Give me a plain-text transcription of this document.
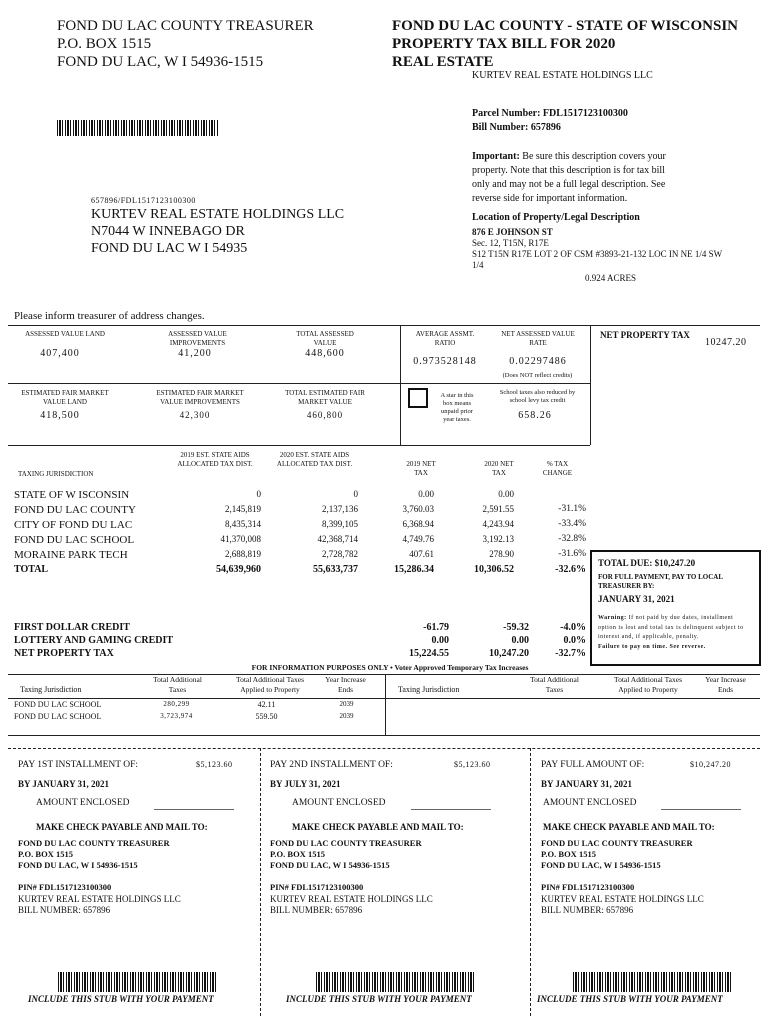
FOND DU LAC COUNTY TREASURER
P.O. BOX 1515
FOND DU LAC, W I 54936-1515
FOND DU LAC COUNTY - STATE OF WISCONSIN
PROPERTY TAX BILL FOR 2020
REAL ESTATE
KURTEV REAL ESTATE HOLDINGS LLC
Parcel Number: FDL1517123100300
Bill Number: 657896
Important: Be sure this description covers your
property. Note that this description is for tax bill
only and may not be a full legal description. See
reverse side for important information.
657896/FDL1517123100300
KURTEV REAL ESTATE HOLDINGS LLC
N7044 W INNEBAGO DR
FOND DU LAC W I 54935
Location of Property/Legal Description
876 E JOHNSON ST
Sec. 12, T15N, R17E
S12 T15N R17E LOT 2 OF CSM #3893-21-132 LOC IN NE 1/4 SW
1/4
0.924 ACRES
Please inform treasurer of address changes.
ASSESSED VALUE LAND
407,400
ASSESSED VALUE IMPROVEMENTS
41,200
TOTAL ASSESSED VALUE
448,600
AVERAGE ASSMT. RATIO
0.973528148
NET ASSESSED VALUE RATE
0.02297486
(Does NOT reflect credits)
NET PROPERTY TAX
10247.20
ESTIMATED FAIR MARKET VALUE LAND
418,500
ESTIMATED FAIR MARKET VALUE IMPROVEMENTS
42,300
TOTAL ESTIMATED FAIR MARKET VALUE
460,800
A star in this
box means
unpaid prior
year taxes.
School taxes also reduced by school levy tax credit
658.26
TAXING JURISDICTION
2019 EST. STATE AIDS ALLOCATED TAX DIST.
2020 EST. STATE AIDS ALLOCATED TAX DIST.	2019 NET TAX
2020 NET TAX
% TAX CHANGE
STATE OF W ISCONSIN	0	0	0.00	0.00
FOND DU LAC COUNTY	2,145,819	2,137,136	3,760.03	2,591.55	-31.1%
CITY OF FOND DU LAC	8,435,314	8,399,105	6,368.94	4,243.94	-33.4%
FOND DU LAC SCHOOL	41,370,008	42,368,714	4,749.76	3,192.13	-32.8%
MORAINE PARK TECH	2,688,819	2,728,782	407.61	278.90	-31.6%
TOTAL	54,639,960	55,633,737	15,286.34	10,306.52	-32.6%
FIRST DOLLAR CREDIT	-61.79	-59.32	-4.0%
LOTTERY AND GAMING CREDIT	0.00	0.00	0.0%
NET PROPERTY TAX	15,224.55	10,247.20	-32.7%
TOTAL DUE: $10,247.20
FOR FULL PAYMENT, PAY TO LOCAL TREASURER BY:
JANUARY 31, 2021
Warning: If not paid by due dates, installment option is lost and total tax is delinquent subject to interest and, if applicable, penalty.
Failure to pay on time. See reverse.
FOR INFORMATION PURPOSES ONLY • Voter Approved Temporary Tax Increases
Taxing Jurisdiction
Total Additional Taxes
Total Additional Taxes Applied to Property
Year Increase Ends	Taxing Jurisdiction
Total Additional Taxes
Total Additional Taxes Applied to Property
Year Increase Ends
FOND DU LAC SCHOOL	280,299	42.11	2039
FOND DU LAC SCHOOL	3,723,974	559.50	2039
PAY 1ST INSTALLMENT OF:	$5,123.60
BY JANUARY 31, 2021
AMOUNT ENCLOSED
MAKE CHECK PAYABLE AND MAIL TO:
FOND DU LAC COUNTY TREASURER
P.O. BOX 1515
FOND DU LAC, W I 54936-1515
PIN# FDL1517123100300
KURTEV REAL ESTATE HOLDINGS LLC
BILL NUMBER: 657896
INCLUDE THIS STUB WITH YOUR PAYMENT
PAY 2ND INSTALLMENT OF:	$5,123.60
BY JULY 31, 2021
AMOUNT ENCLOSED
MAKE CHECK PAYABLE AND MAIL TO:
FOND DU LAC COUNTY TREASURER
P.O. BOX 1515
FOND DU LAC, W I 54936-1515
PIN# FDL1517123100300
KURTEV REAL ESTATE HOLDINGS LLC
BILL NUMBER: 657896
INCLUDE THIS STUB WITH YOUR PAYMENT
PAY FULL AMOUNT OF:	$10,247.20
BY JANUARY 31, 2021
AMOUNT ENCLOSED
MAKE CHECK PAYABLE AND MAIL TO:
FOND DU LAC COUNTY TREASURER
P.O. BOX 1515
FOND DU LAC, W I 54936-1515
PIN# FDL1517123100300
KURTEV REAL ESTATE HOLDINGS LLC
BILL NUMBER: 657896
INCLUDE THIS STUB WITH YOUR PAYMENT
